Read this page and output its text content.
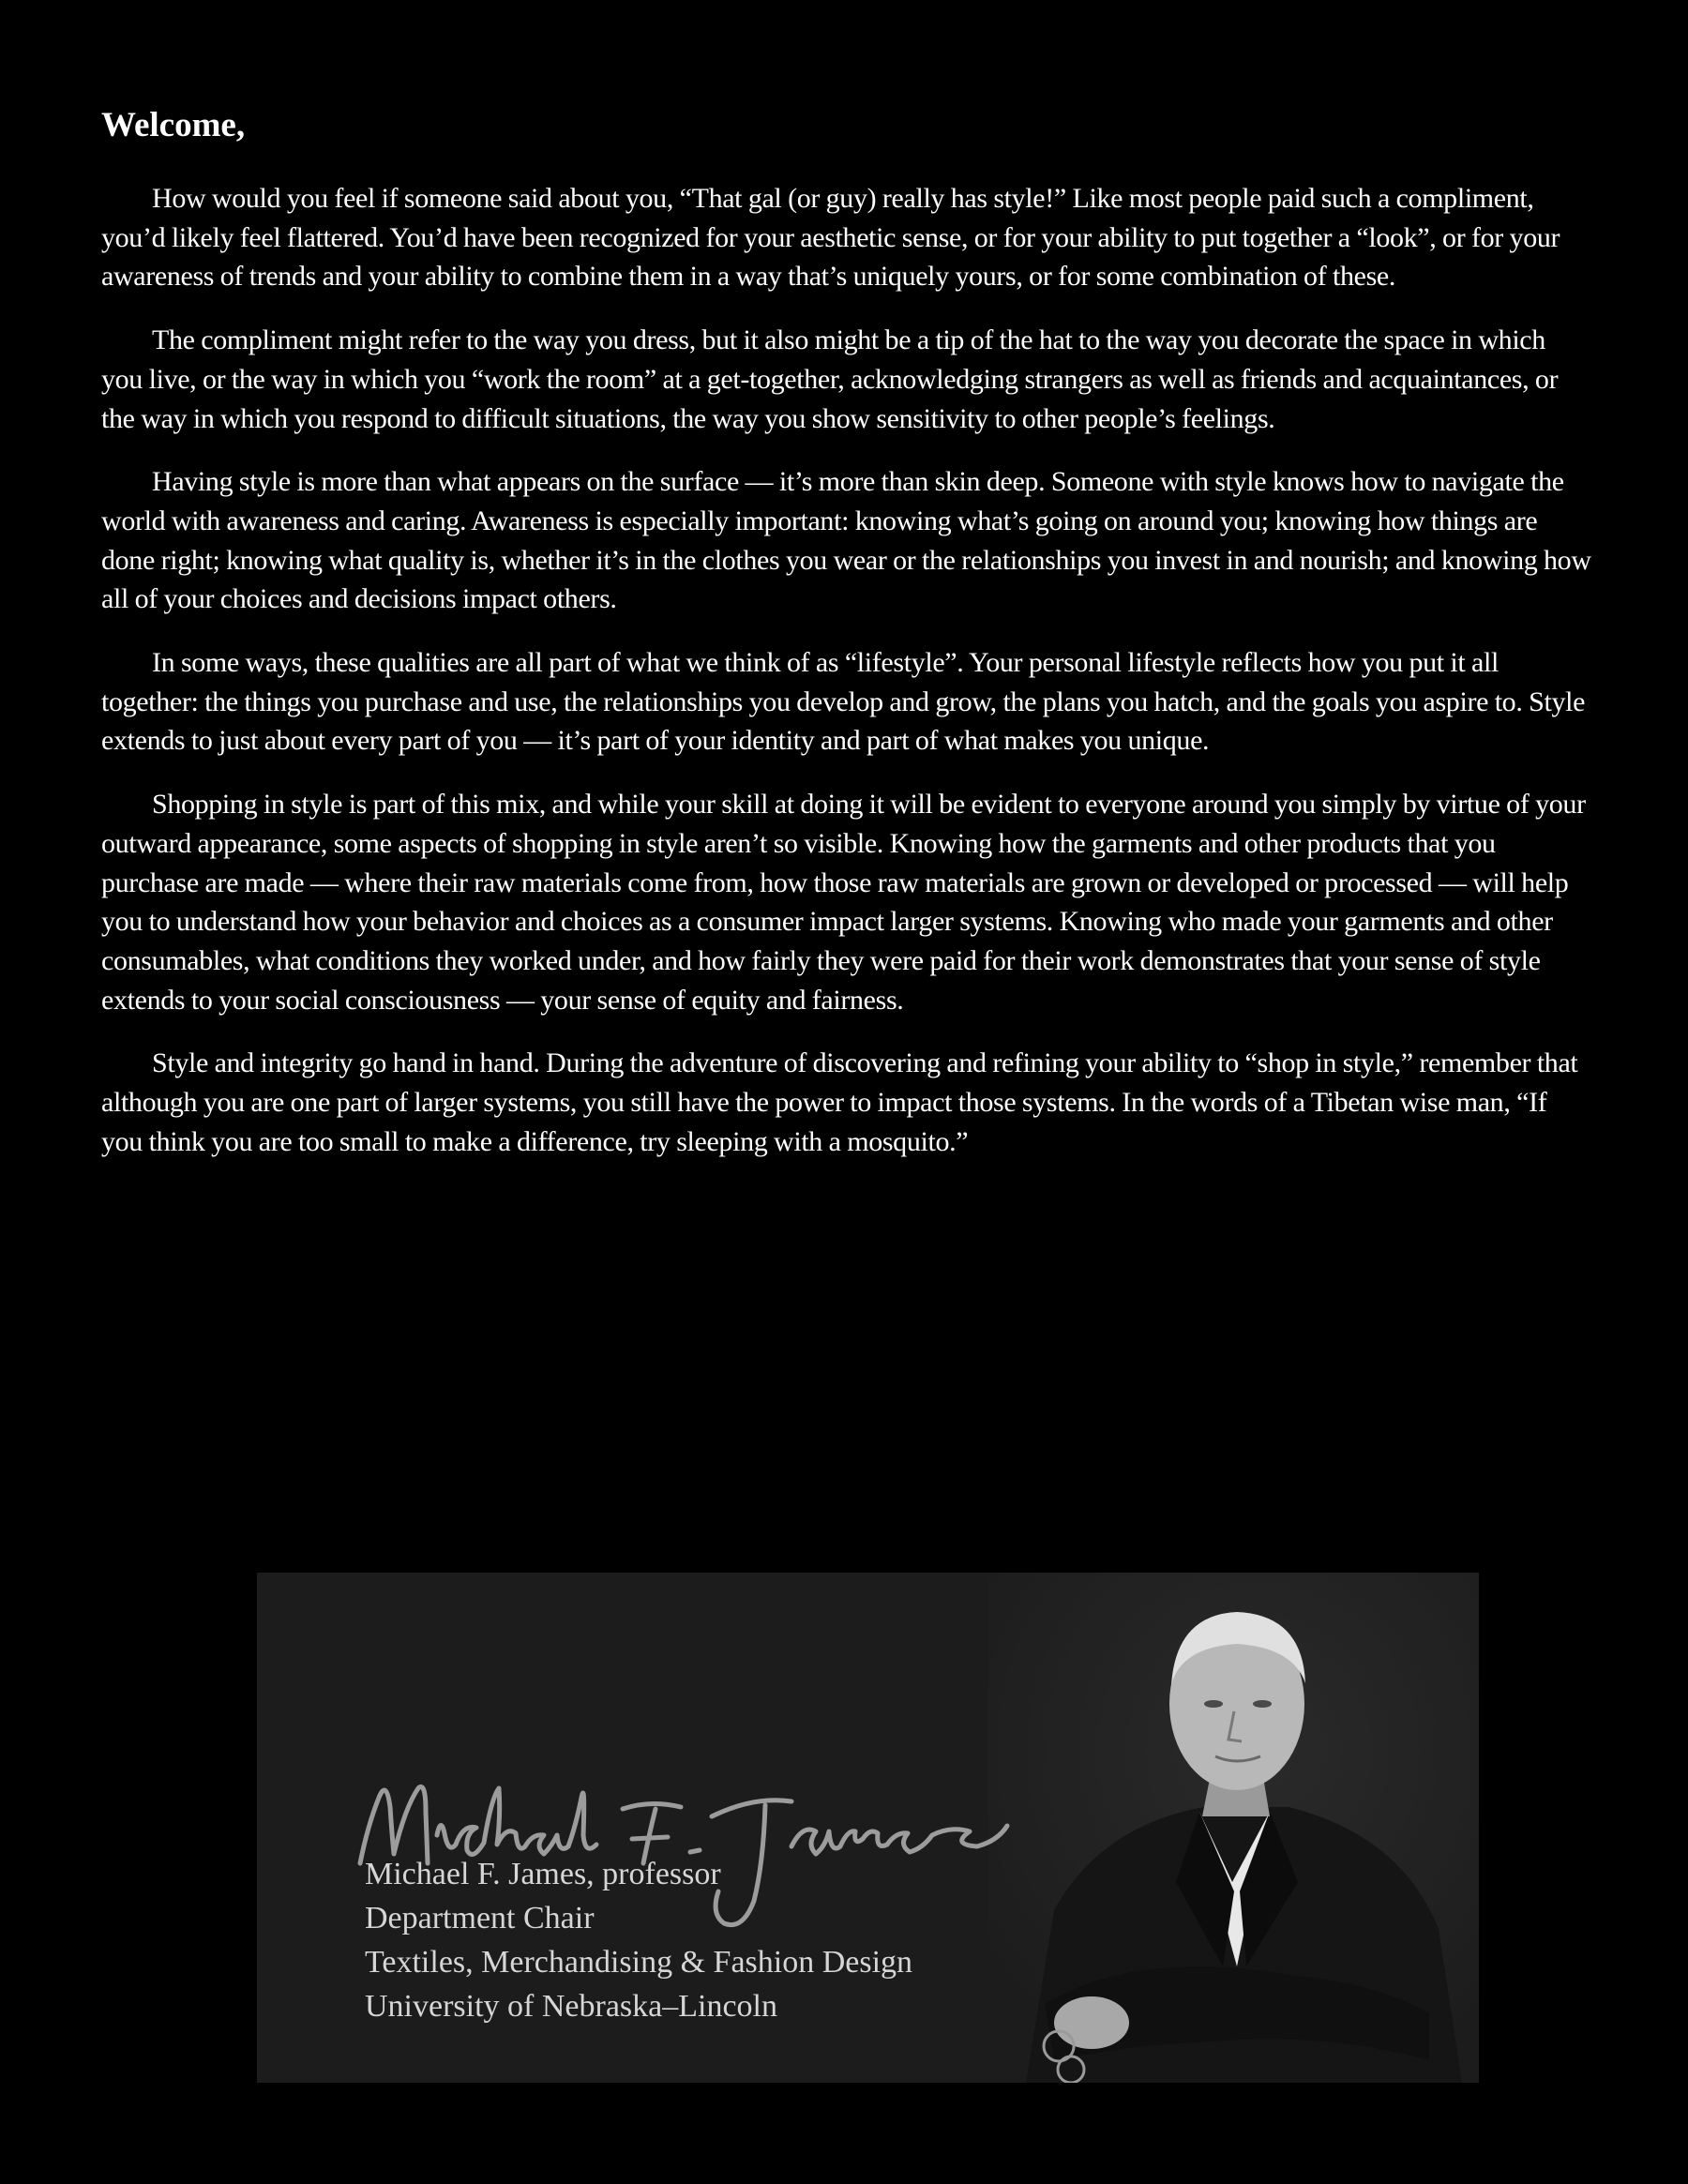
Welcome,

How would you feel if someone said about you, “That gal (or guy) really has style!” Like most people paid such a compliment, you’d likely feel flattered. You’d have been recognized for your aesthetic sense, or for your ability to put together a “look”, or for your awareness of trends and your ability to combine them in a way that’s uniquely yours, or for some combination of these.

The compliment might refer to the way you dress, but it also might be a tip of the hat to the way you decorate the space in which you live, or the way in which you “work the room” at a get-together, acknowledging strangers as well as friends and acquaintances, or the way in which you respond to difficult situations, the way you show sensitivity to other people’s feelings.

Having style is more than what appears on the surface — it’s more than skin deep. Someone with style knows how to navigate the world with awareness and caring. Awareness is especially important: knowing what’s going on around you; knowing how things are done right; knowing what quality is, whether it’s in the clothes you wear or the relationships you invest in and nourish; and knowing how all of your choices and decisions impact others.

In some ways, these qualities are all part of what we think of as “lifestyle”. Your personal lifestyle reflects how you put it all together: the things you purchase and use, the relationships you develop and grow, the plans you hatch, and the goals you aspire to. Style extends to just about every part of you — it’s part of your identity and part of what makes you unique.

Shopping in style is part of this mix, and while your skill at doing it will be evident to everyone around you simply by virtue of your outward appearance, some aspects of shopping in style aren’t so visible. Knowing how the garments and other products that you purchase are made — where their raw materials come from, how those raw materials are grown or developed or processed — will help you to understand how your behavior and choices as a consumer impact larger systems. Knowing who made your garments and other consumables, what conditions they worked under, and how fairly they were paid for their work demonstrates that your sense of style extends to your social consciousness — your sense of equity and fairness.

Style and integrity go hand in hand. During the adventure of discovering and refining your ability to “shop in style,” remember that although you are one part of larger systems, you still have the power to impact those systems. In the words of a Tibetan wise man, “If you think you are too small to make a difference, try sleeping with a mosquito.”

Michael F. James, professor
Department Chair
Textiles, Merchandising & Fashion Design
University of Nebraska–Lincoln
